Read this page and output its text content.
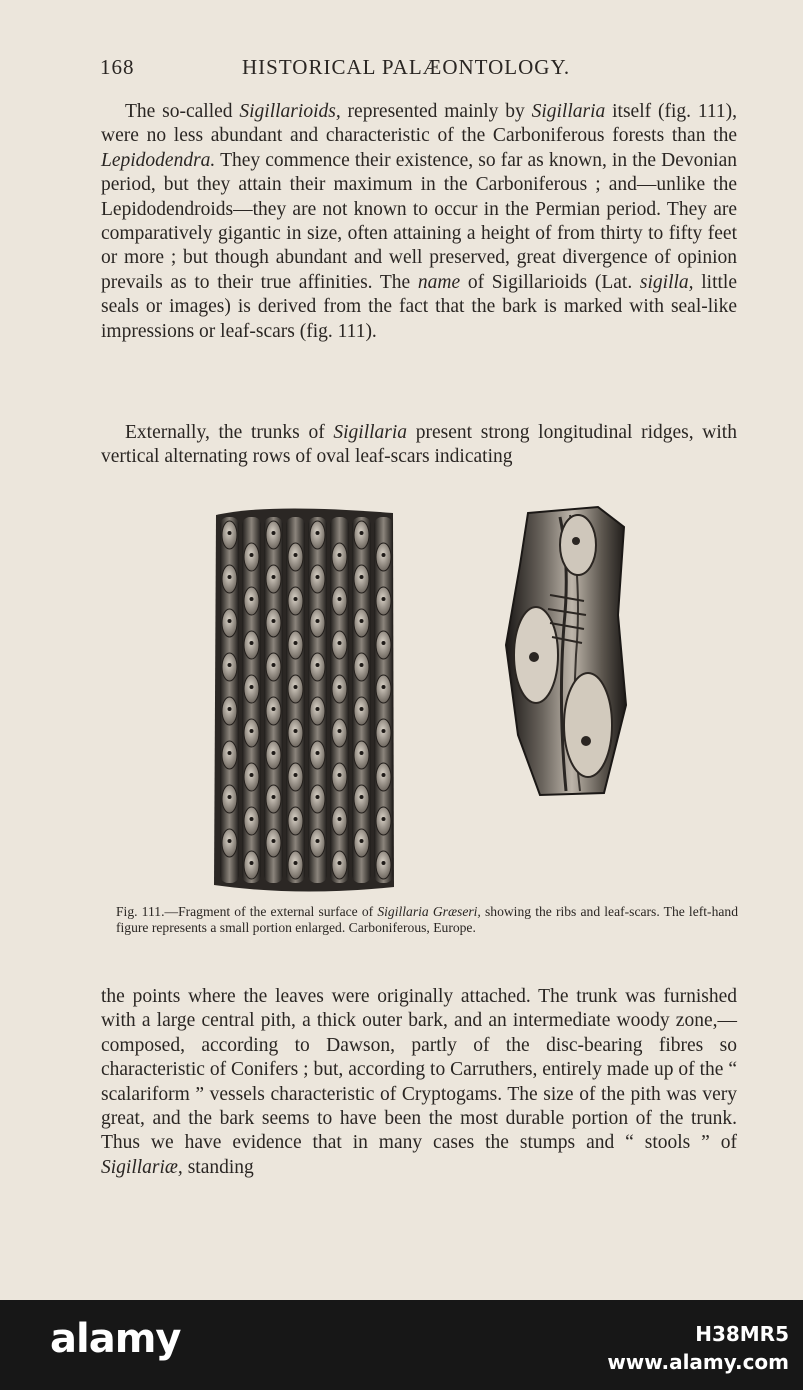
168	HISTORICAL PALÆONTOLOGY.

The so-called Sigillarioids, represented mainly by Sigillaria itself (fig. 111), were no less abundant and characteristic of the Carboniferous forests than the Lepidodendra. They commence their existence, so far as known, in the Devonian period, but they attain their maximum in the Carboniferous ; and—unlike the Lepidodendroids—they are not known to occur in the Permian period. They are comparatively gigantic in size, often attaining a height of from thirty to fifty feet or more ; but though abundant and well preserved, great divergence of opinion prevails as to their true affinities. The name of Sigillarioids (Lat. sigilla, little seals or images) is derived from the fact that the bark is marked with seal-like impressions or leaf-scars (fig. 111).

Externally, the trunks of Sigillaria present strong longitudinal ridges, with vertical alternating rows of oval leaf-scars indicating

Fig. 111.—Fragment of the external surface of Sigillaria Græseri, showing the ribs and leaf-scars. The left-hand figure represents a small portion enlarged. Carboniferous, Europe.

the points where the leaves were originally attached. The trunk was furnished with a large central pith, a thick outer bark, and an intermediate woody zone,—composed, according to Dawson, partly of the disc-bearing fibres so characteristic of Conifers ; but, according to Carruthers, entirely made up of the “ scalariform ” vessels characteristic of Cryptogams. The size of the pith was very great, and the bark seems to have been the most durable portion of the trunk. Thus we have evidence that in many cases the stumps and “ stools ” of Sigillariæ, standing

alamy	H38MR5
www.alamy.com
